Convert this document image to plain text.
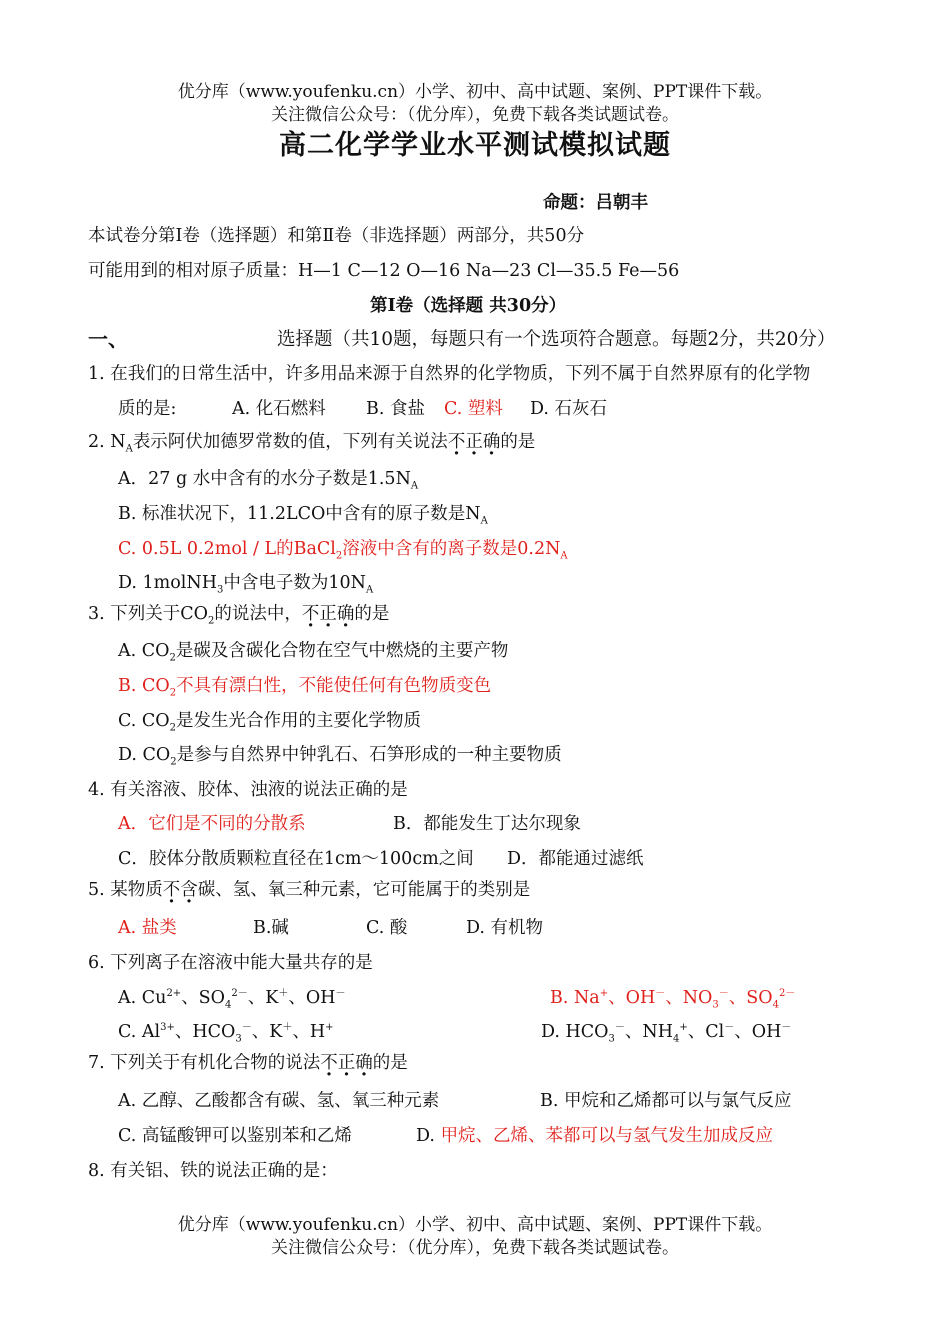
优分库（www.youfenku.cn）小学、初中、高中试题、案例、PPT课件下载。
关注微信公众号：（优分库），免费下载各类试题试卷。
高二化学学业水平测试模拟试题
命题：吕朝丰
本试卷分第Ⅰ卷（选择题）和第Ⅱ卷（非选择题）两部分，共50分
可能用到的相对原子质量：H—1 C—12 O—16 Na—23 Cl—35.5 Fe—56
第Ⅰ卷（选择题 共30分）
一、	选择题（共10题，每题只有一个选项符合题意。每题2分，共20分）
1. 在我们的日常生活中，许多用品来源于自然界的化学物质，下列不属于自然界原有的化学物
质的是:	A. 化石燃料 B. 食盐 C. 塑料 D. 石灰石
2. $N_A$表示阿伏加德罗常数的值，下列有关说法不正确的是
A．27 g 水中含有的水分子数是$1.5N_A$
B. 标准状况下，11.2LCO中含有的原子数是$N_A$
C. 0.5L 0.2mol / L的BaCl$_2$溶液中含有的离子数是$0.2N_A$
D. 1molNH$_3$中含电子数为$10N_A$
3. 下列关于$CO_2$的说法中，不正确的是
A. $CO_2$是碳及含碳化合物在空气中燃烧的主要产物
B. $CO_2$不具有漂白性，不能使任何有色物质变色
C. $CO_2$是发生光合作用的主要化学物质
D. $CO_2$是参与自然界中钟乳石、石笋形成的一种主要物质
4. 有关溶液、胶体、浊液的说法正确的是
A．它们是不同的分散系	B．都能发生丁达尔现象
C．胶体分散质颗粒直径在1cm～100cm之间 D．都能通过滤纸
5. 某物质不含碳、氢、氧三种元素，它可能属于的类别是
A. 盐类	B.碱	C. 酸	D. 有机物
6. 下列离子在溶液中能大量共存的是
A. $Cu^{2+}$、$SO_4^{2-}$、K＋、OH－	B. Na+、OH－、$NO_3^-$、$SO_4^{2-}$
C. $Al^{3+}$、$HCO_3^-$、K＋、H+	D. $HCO_3^-$、$NH_4^+$、Cl－、OH－
7. 下列关于有机化合物的说法不正确的是
A. 乙醇、乙酸都含有碳、氢、氧三种元素	B. 甲烷和乙烯都可以与氯气反应
C. 高锰酸钾可以鉴别苯和乙烯	D. 甲烷、乙烯、苯都可以与氢气发生加成反应
8. 有关铝、铁的说法正确的是：
优分库（www.youfenku.cn）小学、初中、高中试题、案例、PPT课件下载。
关注微信公众号：（优分库），免费下载各类试题试卷。
